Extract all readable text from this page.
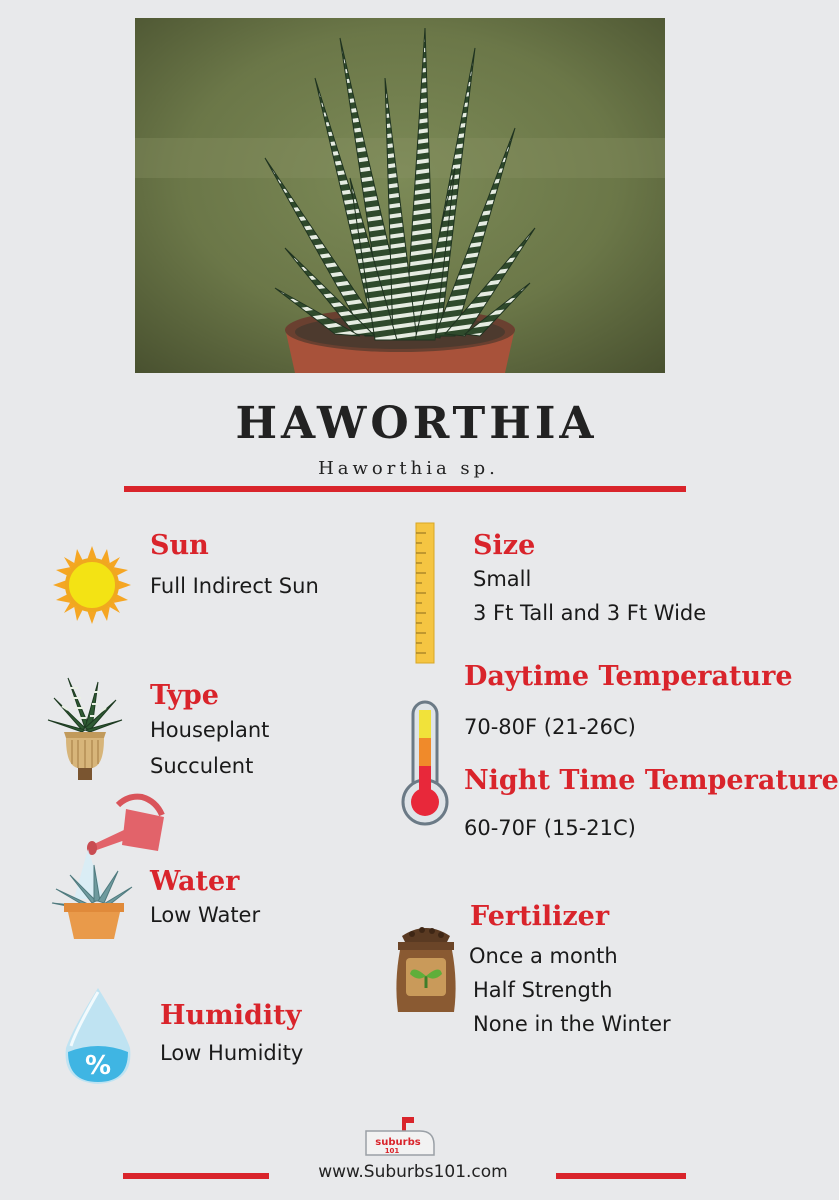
HAWORTHIA
Haworthia sp.
Sun
Full Indirect Sun
Type
Houseplant
Succulent
Water
Low Water
%
Humidity
Low Humidity
Size
Small
3 Ft Tall and 3 Ft Wide
Daytime Temperature
70-80F (21-26C)
Night Time Temperature
60-70F (15-21C)
Fertilizer
Once a month
Half Strength
None in the Winter
suburbs
101
www.Suburbs101.com
